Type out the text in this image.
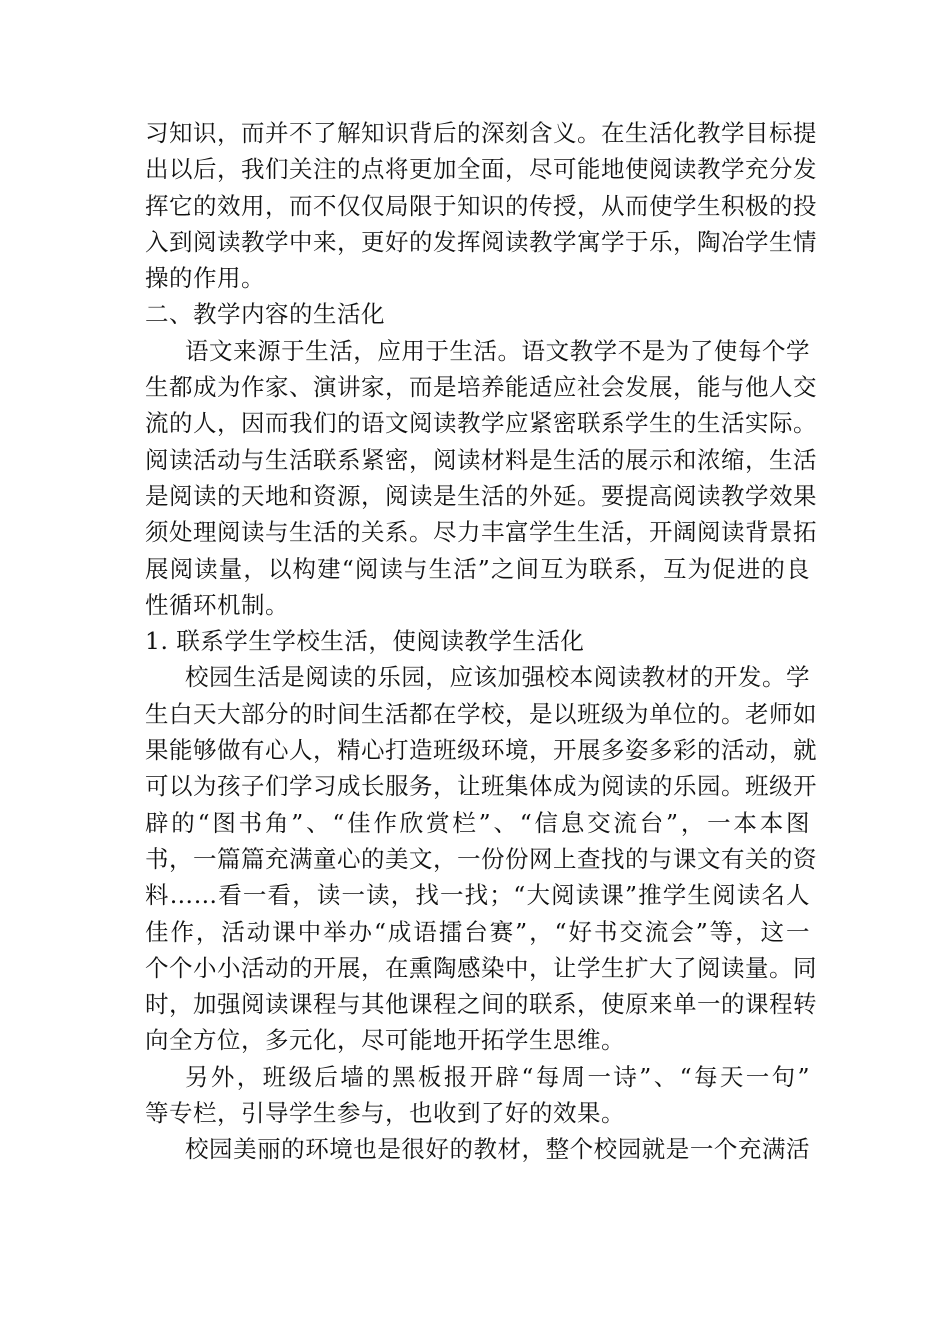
习知识，而并不了解知识背后的深刻含义。在生活化教学目标提
出以后，我们关注的点将更加全面，尽可能地使阅读教学充分发
挥它的效用，而不仅仅局限于知识的传授，从而使学生积极的投
入到阅读教学中来，更好的发挥阅读教学寓学于乐，陶冶学生情
操的作用。
二、教学内容的生活化
语文来源于生活，应用于生活。语文教学不是为了使每个学
生都成为作家、演讲家，而是培养能适应社会发展，能与他人交
流的人，因而我们的语文阅读教学应紧密联系学生的生活实际。
阅读活动与生活联系紧密，阅读材料是生活的展示和浓缩，生活
是阅读的天地和资源，阅读是生活的外延。要提高阅读教学效果
须处理阅读与生活的关系。尽力丰富学生生活，开阔阅读背景拓
展阅读量，以构建“阅读与生活”之间互为联系，互为促进的良
性循环机制。
1. 联系学生学校生活，使阅读教学生活化
校园生活是阅读的乐园，应该加强校本阅读教材的开发。学
生白天大部分的时间生活都在学校，是以班级为单位的。老师如
果能够做有心人，精心打造班级环境，开展多姿多彩的活动，就
可以为孩子们学习成长服务，让班集体成为阅读的乐园。班级开
辟的“图书角”、“佳作欣赏栏”、“信息交流台”，一本本图
书，一篇篇充满童心的美文，一份份网上查找的与课文有关的资
料……看一看，读一读，找一找；“大阅读课”推学生阅读名人
佳作，活动课中举办“成语擂台赛”，“好书交流会”等，这一
个个小小活动的开展，在熏陶感染中，让学生扩大了阅读量。同
时，加强阅读课程与其他课程之间的联系，使原来单一的课程转
向全方位，多元化，尽可能地开拓学生思维。
另外，班级后墙的黑板报开辟“每周一诗”、“每天一句”
等专栏，引导学生参与，也收到了好的效果。
校园美丽的环境也是很好的教材，整个校园就是一个充满活
